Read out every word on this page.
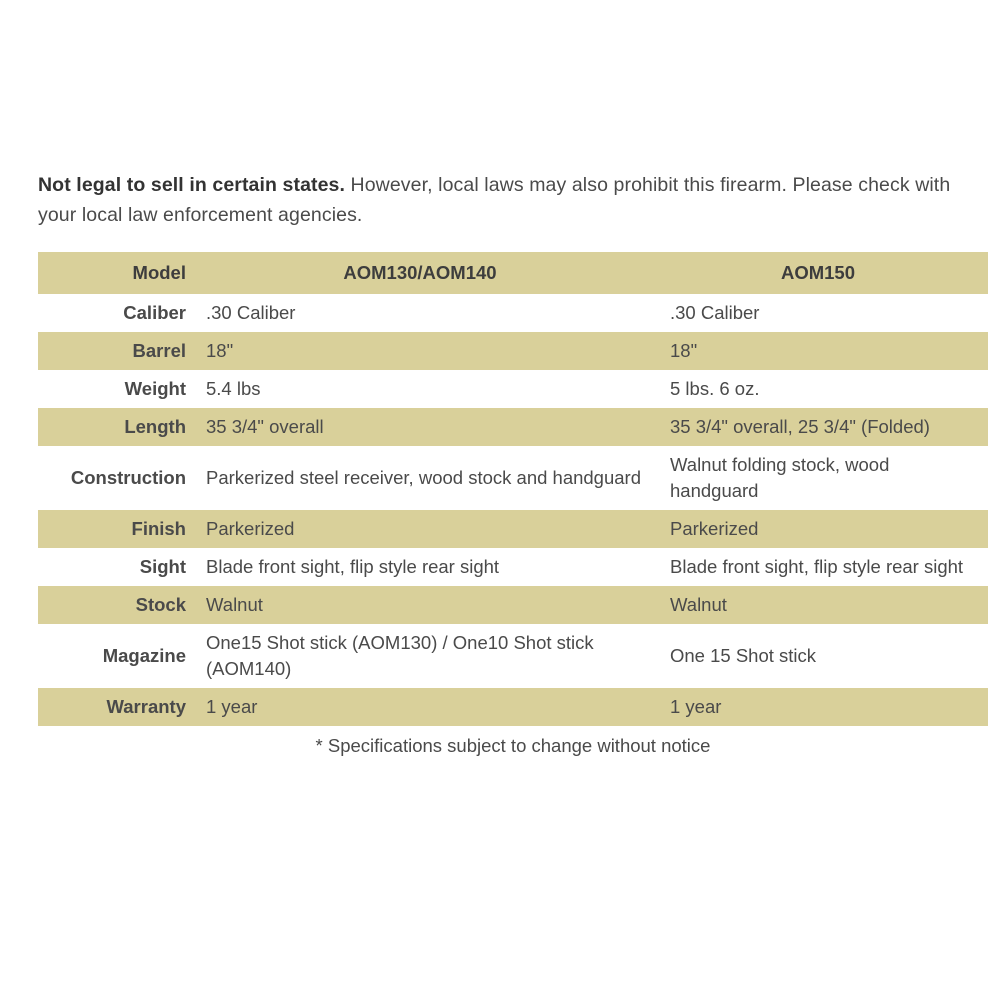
Not legal to sell in certain states. However, local laws may also prohibit this firearm. Please check with your local law enforcement agencies.

Model	AOM130/AOM140	AOM150
Caliber	.30 Caliber	.30 Caliber
Barrel	18"	18"
Weight	5.4 lbs	5 lbs. 6 oz.
Length	35 3/4" overall	35 3/4" overall, 25 3/4" (Folded)
Construction	Parkerized steel receiver, wood stock and handguard	Walnut folding stock, wood handguard
Finish	Parkerized	Parkerized
Sight	Blade front sight, flip style rear sight	Blade front sight, flip style rear sight
Stock	Walnut	Walnut
Magazine	One15 Shot stick (AOM130) / One10 Shot stick (AOM140)	One 15 Shot stick
Warranty	1 year	1 year
* Specifications subject to change without notice
